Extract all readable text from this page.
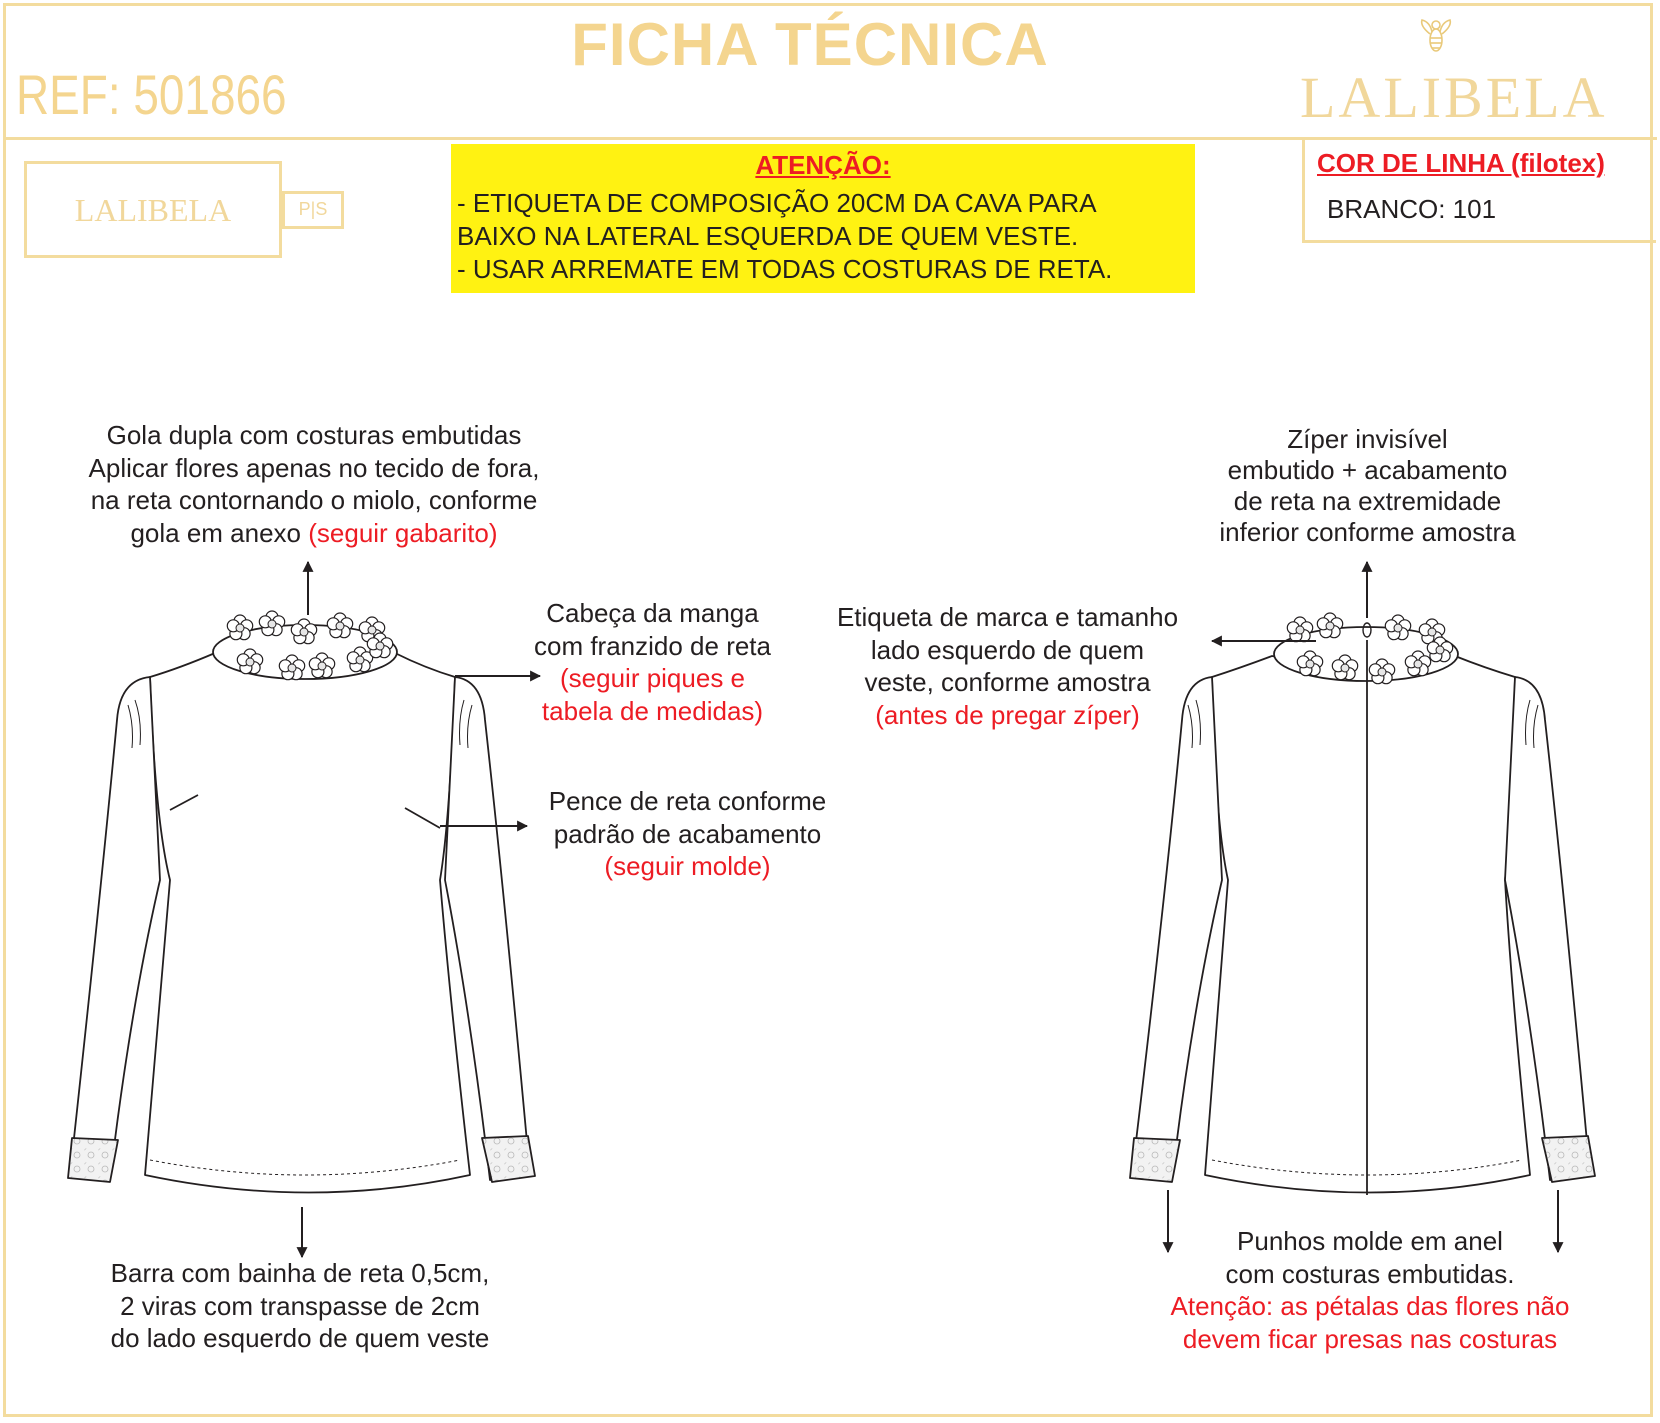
FICHA TÉCNICA
REF: 501866	LALIBELA
LALIBELA	P|S
ATENÇÃO:
- ETIQUETA DE COMPOSIÇÃO 20CM DA CAVA PARA
BAIXO NA LATERAL ESQUERDA DE QUEM VESTE.
- USAR ARREMATE EM TODAS COSTURAS DE RETA.
COR DE LINHA (filotex)
BRANCO: 101
Gola dupla com costuras embutidas
Aplicar flores apenas no tecido de fora,
na reta contornando o miolo, conforme
gola em anexo (seguir gabarito)
Cabeça da manga
com franzido de reta
(seguir piques e
tabela de medidas)
Pence de reta conforme
padrão de acabamento
(seguir molde)
Barra com bainha de reta 0,5cm,
2 viras com transpasse de 2cm
do lado esquerdo de quem veste
Zíper invisível
embutido + acabamento
de reta na extremidade
inferior conforme amostra
Etiqueta de marca e tamanho
lado esquerdo de quem
veste, conforme amostra
(antes de pregar zíper)
Punhos molde em anel
com costuras embutidas.
Atenção: as pétalas das flores não
devem ficar presas nas costuras
